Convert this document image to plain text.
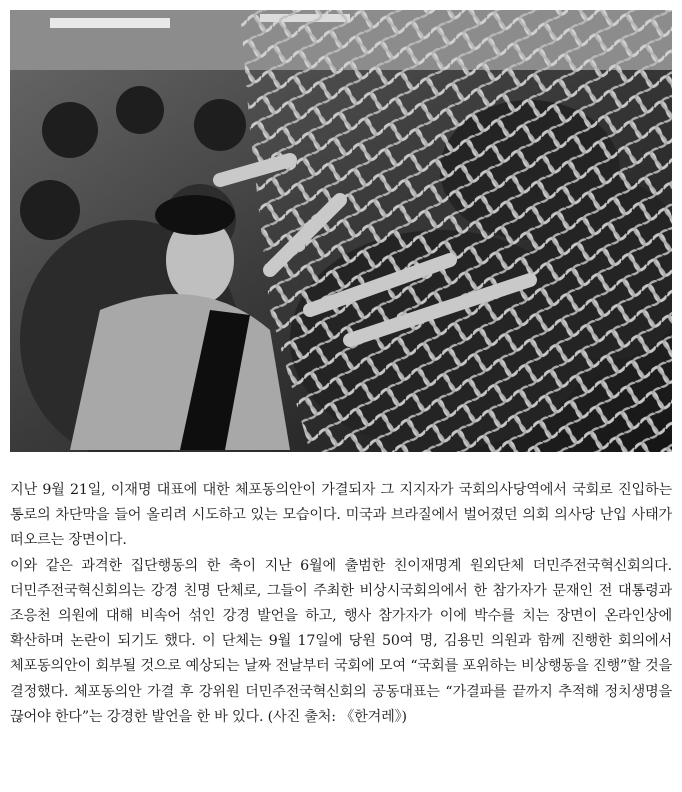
지난 9월 21일, 이재명 대표에 대한 체포동의안이 가결되자 그 지지자가 국회의사당역에서 국회로 진입하는 통로의 차단막을 들어 올리려 시도하고 있는 모습이다. 미국과 브라질에서 벌어졌던 의회 의사당 난입 사태가 떠오르는 장면이다.

이와 같은 과격한 집단행동의 한 축이 지난 6월에 출범한 친이재명계 원외단체 더민주전국혁신회의다. 더민주전국혁신회의는 강경 친명 단체로, 그들이 주최한 비상시국회의에서 한 참가자가 문재인 전 대통령과 조응천 의원에 대해 비속어 섞인 강경 발언을 하고, 행사 참가자가 이에 박수를 치는 장면이 온라인상에 확산하며 논란이 되기도 했다. 이 단체는 9월 17일에 당원 50여 명, 김용민 의원과 함께 진행한 회의에서 체포동의안이 회부될 것으로 예상되는 날짜 전날부터 국회에 모여 “국회를 포위하는 비상행동을 진행”할 것을 결정했다. 체포동의안 가결 후 강위원 더민주전국혁신회의 공동대표는 “가결파를 끝까지 추적해 정치생명을 끊어야 한다”는 강경한 발언을 한 바 있다. (사진 출처: 《한겨레》)
